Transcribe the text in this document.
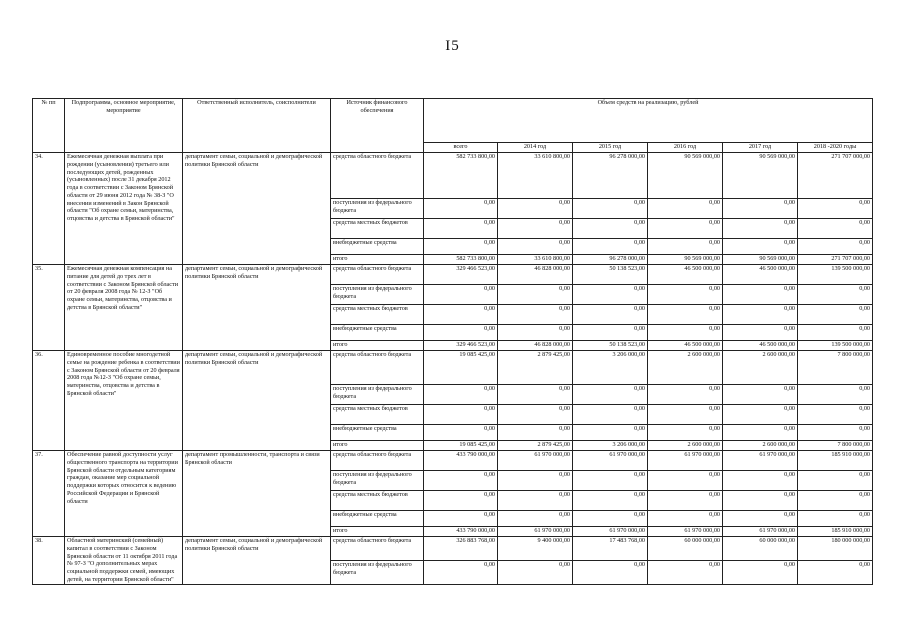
I5
№ пп	Подпрограмма, основное мероприятие, мероприятие	Ответственный исполнитель, соисполнители	Источник финансового обеспечения	Объем средств на реализацию, рублей					
				всего	2014 год	2015 год	2016 год	2017 год	2018 -2020 годы
34.	Ежемесячная денежная выплата при рождении (усыновлении) третьего или последующих детей, рожденных (усыновленных) после 31 декабря 2012 года в соответствии с Законом Брянской области от 29 июня 2012 года № 38-З "О внесении изменений в Закон Брянской области "Об охране семьи, материнства, отцовства и детства в Брянской области"	департамент семьи, социальной и демографической политики Брянской области	средства областного бюджета	582 733 800,00	33 610 800,00	96 278 000,00	90 569 000,00	90 569 000,00	271 707 000,00
			поступления из федерального бюджета	0,00	0,00	0,00	0,00	0,00	0,00
			средства местных бюджетов	0,00	0,00	0,00	0,00	0,00	0,00
			внебюджетные средства	0,00	0,00	0,00	0,00	0,00	0,00
			итого	582 733 800,00	33 610 800,00	96 278 000,00	90 569 000,00	90 569 000,00	271 707 000,00
35.	Ежемесячная денежная компенсация на питание для детей до трех лет в соответствии с Законом Брянской области от 20 февраля 2008 года № 12-З "Об охране семьи, материнства, отцовства и детства в Брянской области"	департамент семьи, социальной и демографической политики Брянской области	средства областного бюджета	329 466 523,00	46 828 000,00	50 138 523,00	46 500 000,00	46 500 000,00	139 500 000,00
			поступления из федерального бюджета	0,00	0,00	0,00	0,00	0,00	0,00
			средства местных бюджетов	0,00	0,00	0,00	0,00	0,00	0,00
			внебюджетные средства	0,00	0,00	0,00	0,00	0,00	0,00
			итого	329 466 523,00	46 828 000,00	50 138 523,00	46 500 000,00	46 500 000,00	139 500 000,00
36.	Единовременное пособие многодетной семье на рождение ребенка в соответствии с Законом Брянской области от 20 февраля 2008 года №12-З "Об охране семьи, материнства, отцовства и детства в Брянской области"	департамент семьи, социальной и демографической политики Брянской области	средства областного бюджета	19 085 425,00	2 879 425,00	3 206 000,00	2 600 000,00	2 600 000,00	7 800 000,00
			поступления из федерального бюджета	0,00	0,00	0,00	0,00	0,00	0,00
			средства местных бюджетов	0,00	0,00	0,00	0,00	0,00	0,00
			внебюджетные средства	0,00	0,00	0,00	0,00	0,00	0,00
			итого	19 085 425,00	2 879 425,00	3 206 000,00	2 600 000,00	2 600 000,00	7 800 000,00
37.	Обеспечение равной доступности услуг общественного транспорта на территории Брянской области отдельным категориям граждан, оказание мер социальной поддержки которых относится к ведению Российской Федерации и Брянской области	департамент промышленности, транспорта и связи Брянской области	средства областного бюджета	433 790 000,00	61 970 000,00	61 970 000,00	61 970 000,00	61 970 000,00	185 910 000,00
			поступления из федерального бюджета	0,00	0,00	0,00	0,00	0,00	0,00
			средства местных бюджетов	0,00	0,00	0,00	0,00	0,00	0,00
			внебюджетные средства	0,00	0,00	0,00	0,00	0,00	0,00
			итого	433 790 000,00	61 970 000,00	61 970 000,00	61 970 000,00	61 970 000,00	185 910 000,00
38.	Областной материнский (семейный) капитал в соответствии с Законом Брянской области от 11 октября 2011 года № 97-З "О дополнительных мерах социальной поддержки семей, имеющих детей, на территории Брянской области"	департамент семьи, социальной и демографической политики Брянской области	средства областного бюджета	326 883 768,00	9 400 000,00	17 483 768,00	60 000 000,00	60 000 000,00	180 000 000,00
			поступления из федерального бюджета	0,00	0,00	0,00	0,00	0,00	0,00
